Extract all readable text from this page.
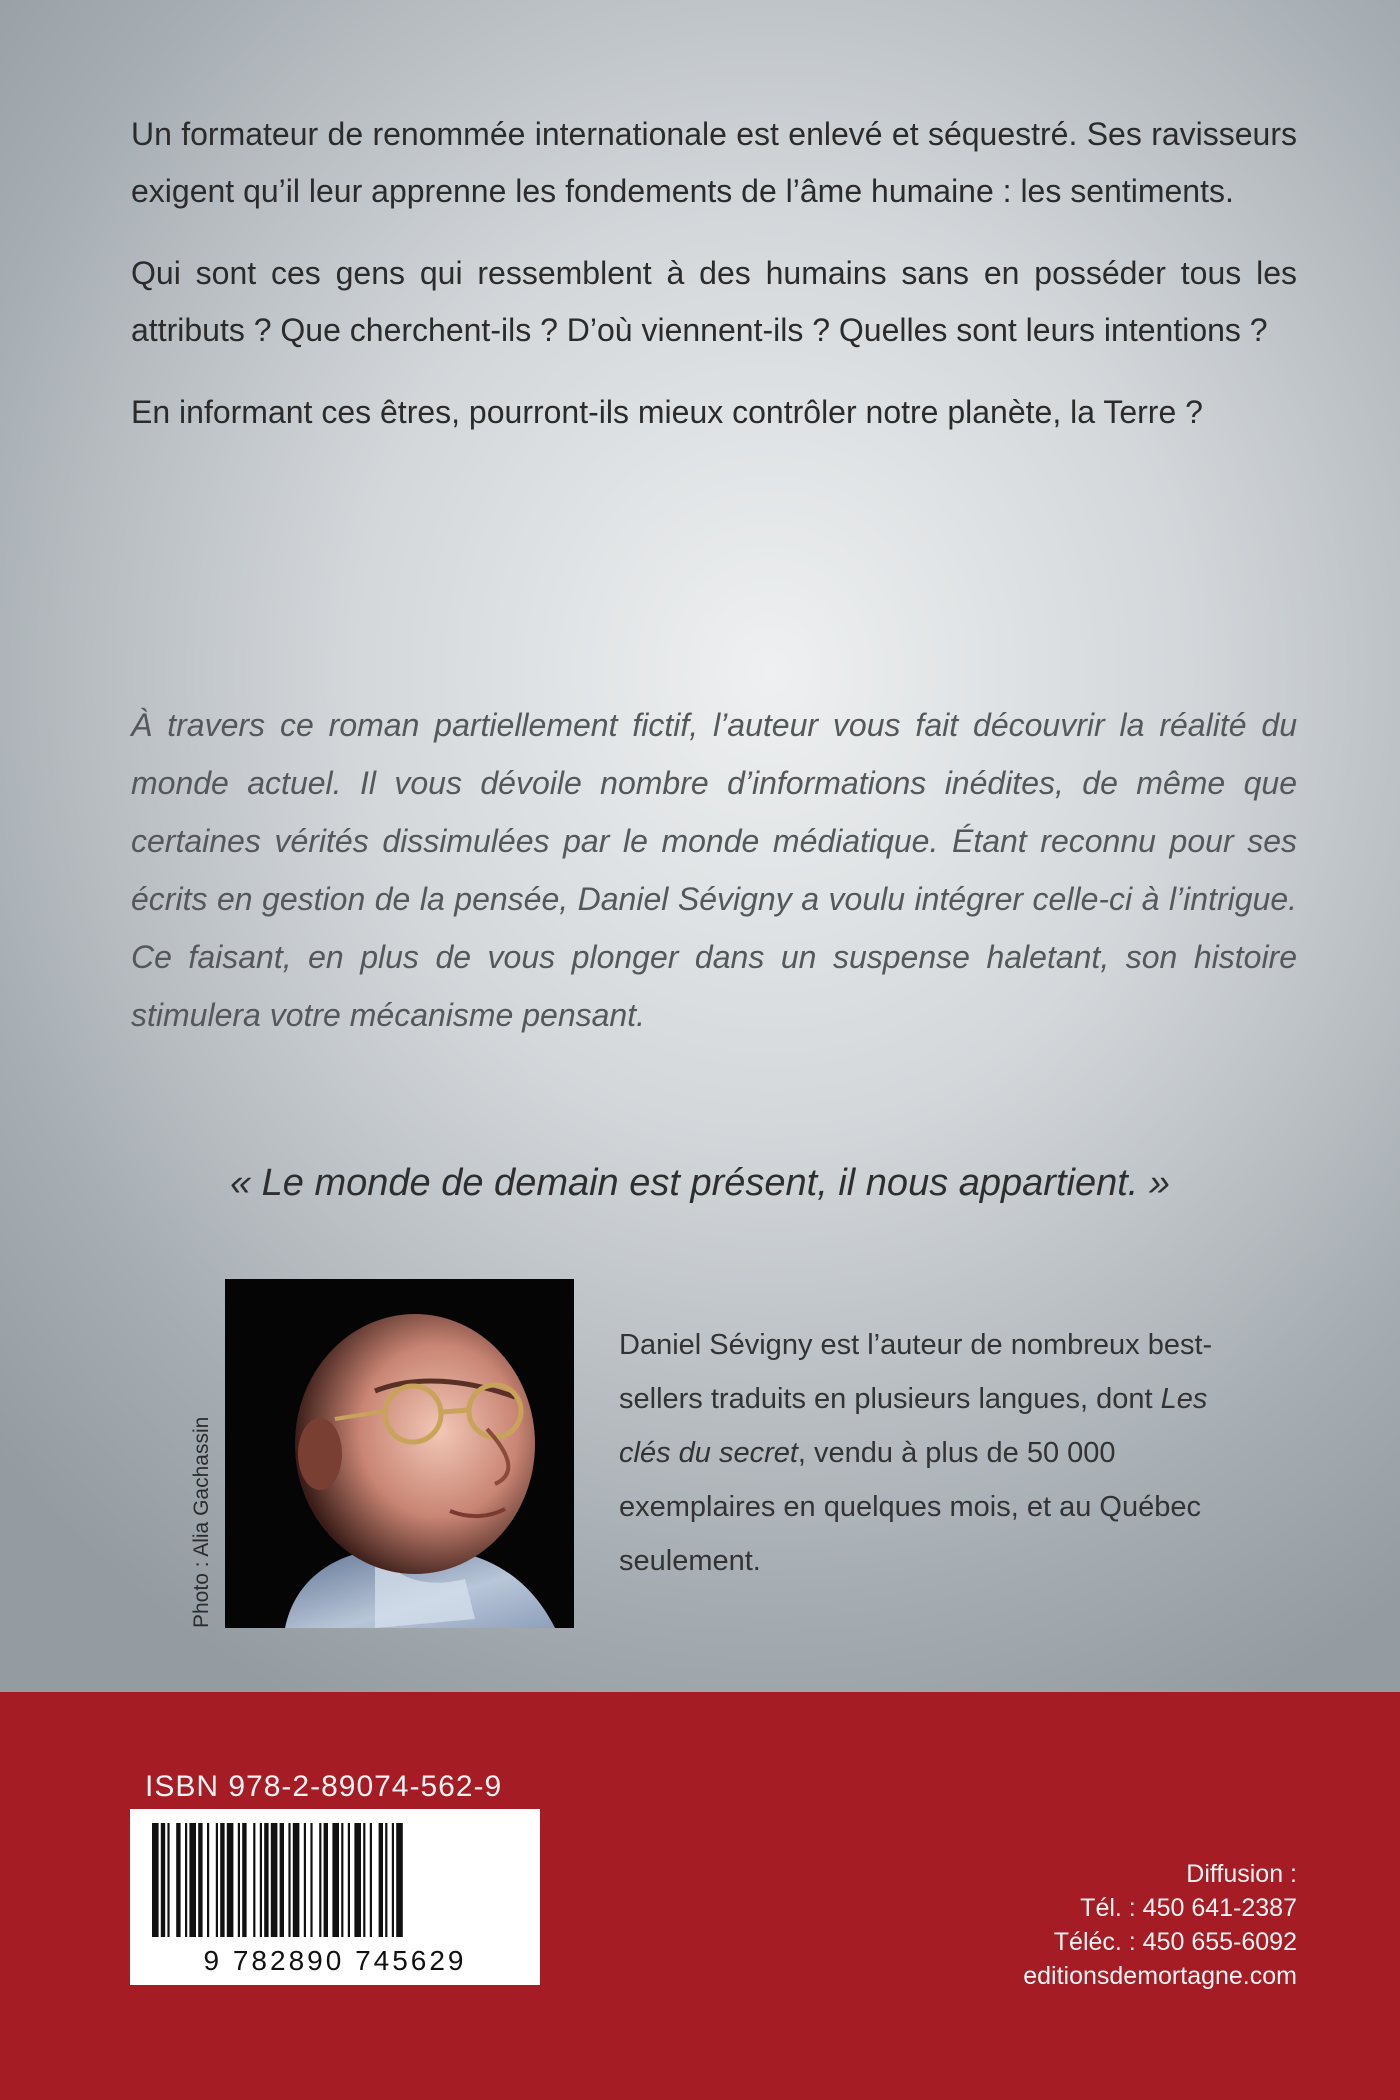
Un formateur de renommée internationale est enlevé et séquestré. Ses ravisseurs exigent qu’il leur apprenne les fondements de l’âme humaine : les sentiments.

Qui sont ces gens qui ressemblent à des humains sans en posséder tous les attributs ? Que cherchent-ils ? D’où viennent-ils ? Quelles sont leurs intentions ?

En informant ces êtres, pourront-ils mieux contrôler notre planète, la Terre ?

À travers ce roman partiellement fictif, l’auteur vous fait découvrir la réalité du monde actuel. Il vous dévoile nombre d’informations inédites, de même que certaines vérités dissimulées par le monde médiatique. Étant reconnu pour ses écrits en gestion de la pensée, Daniel Sévigny a voulu intégrer celle-ci à l’intrigue. Ce faisant, en plus de vous plonger dans un suspense haletant, son histoire stimulera votre mécanisme pensant.

« Le monde de demain est présent, il nous appartient. »

Photo : Alia Gachassin

Daniel Sévigny est l’auteur de nombreux best-sellers traduits en plusieurs langues, dont Les clés du secret, vendu à plus de 50 000 exemplaires en quelques mois, et au Québec seulement.

ISBN 978-2-89074-562-9
9 782890 745629
Diffusion :
Tél. : 450 641-2387
Téléc. : 450 655-6092
editionsdemortagne.com
